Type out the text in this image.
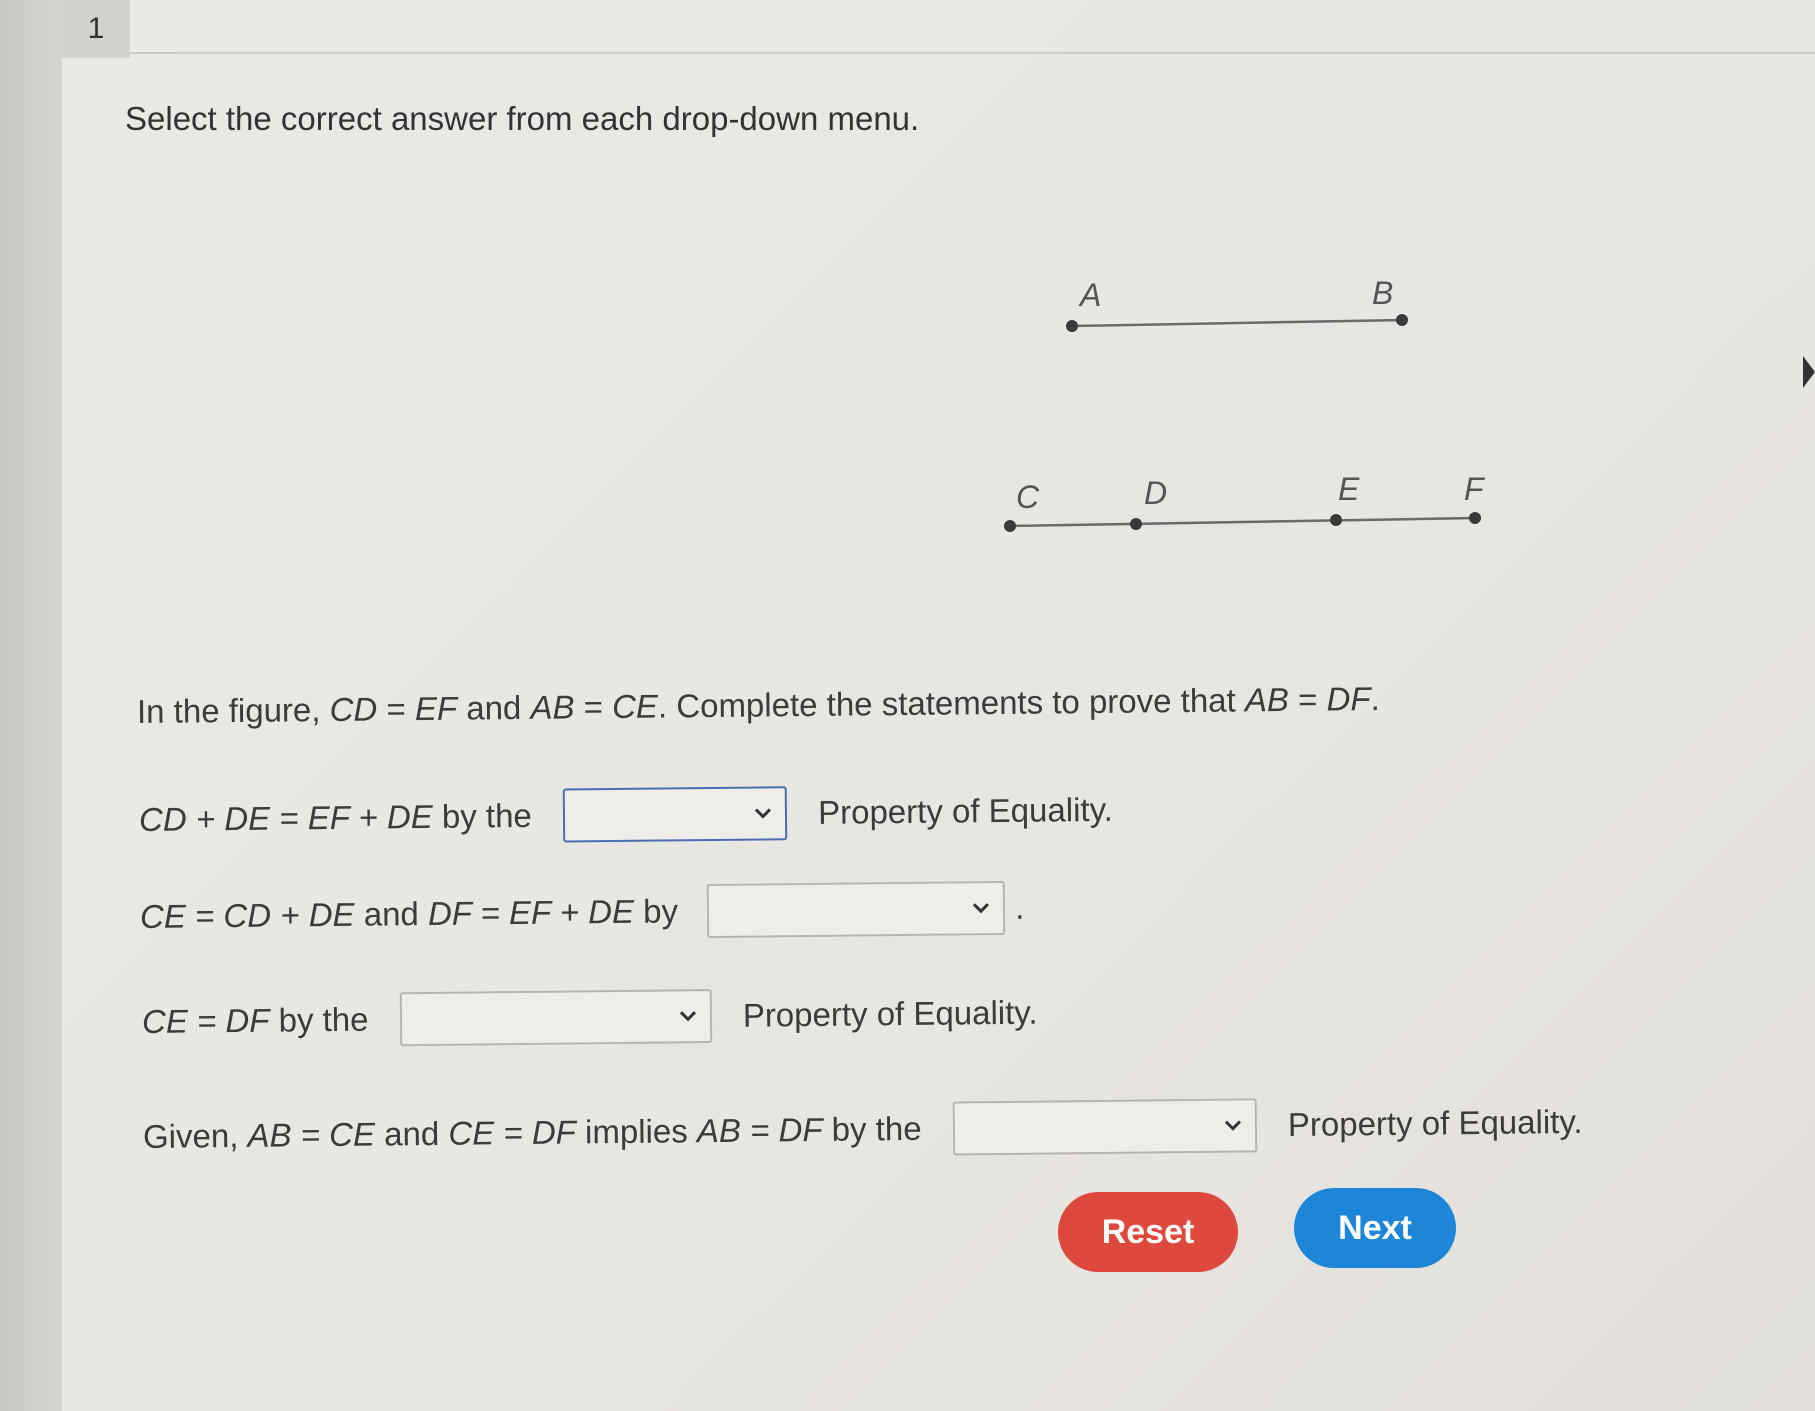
1
Select the correct answer from each drop-down menu.
A	B
C	D	E	F
In the figure, CD = EF and AB = CE. Complete the statements to prove that AB = DF.
CD + DE = EF + DE by the	Property of Equality.
CE = CD + DE and DF = EF + DE by	.
CE = DF by the	Property of Equality.
Given, AB = CE and CE = DF implies AB = DF by the	Property of Equality.
Reset	Next
